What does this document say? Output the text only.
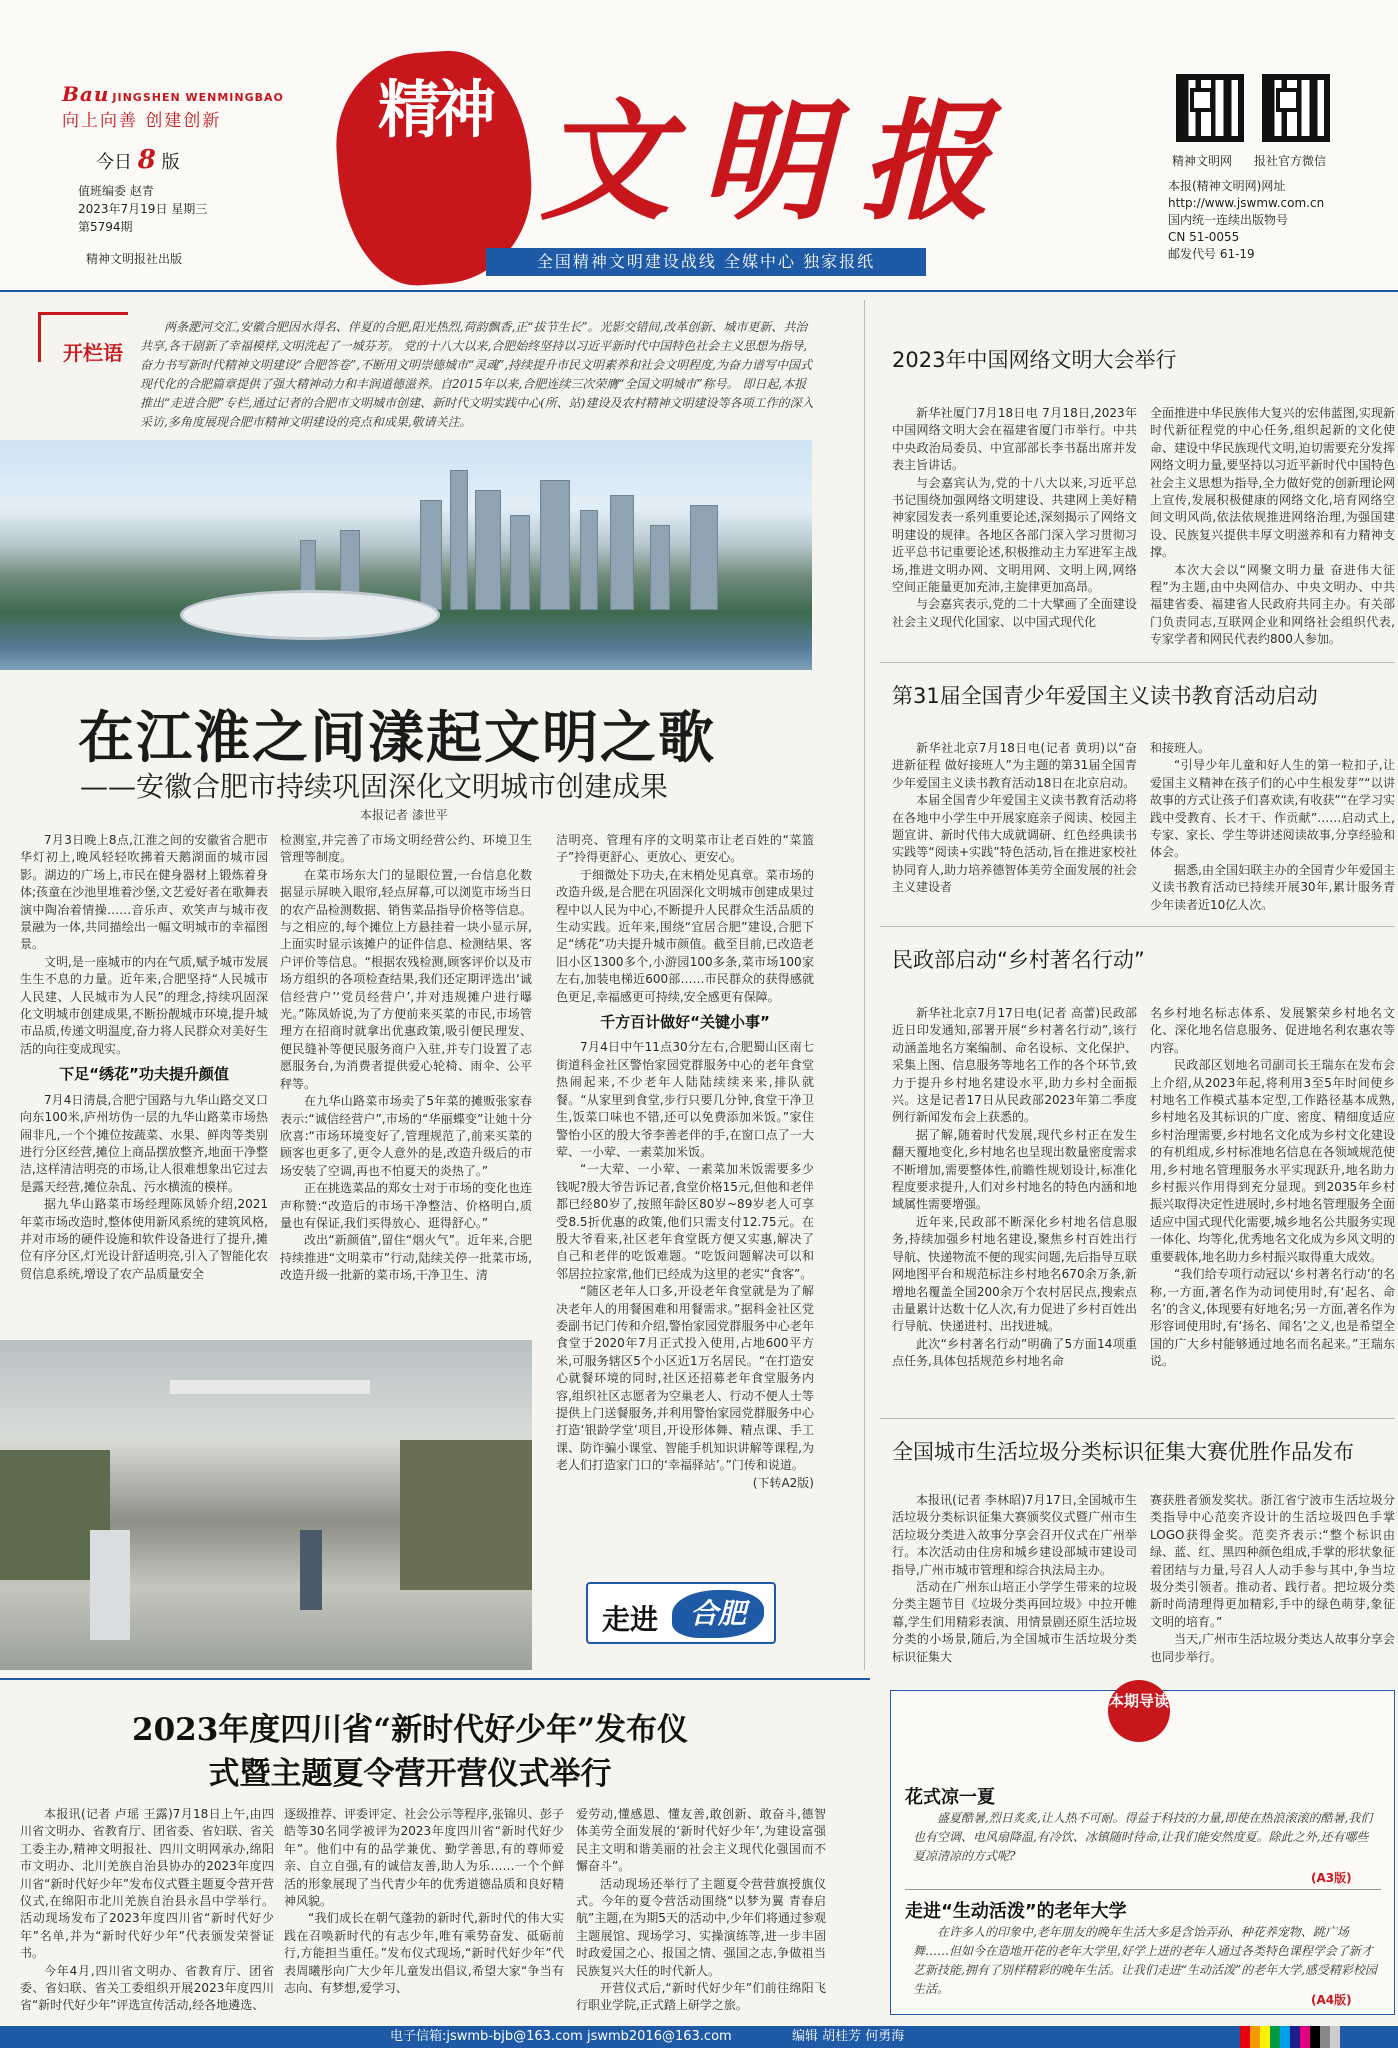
Bau JINGSHEN WENMINGBAO
向上向善 创建创新
今日 8 版
值班编委 赵青
2023年7月19日 星期三
第5794期
精神文明报社出版
精神 文明报
全国精神文明建设战线 全媒中心 独家报纸
精神文明网 报社官方微信
本报(精神文明网)网址
http://www.jswmw.com.cn
国内统一连续出版物号
CN 51-0055
邮发代号 61-19
开栏语
两条淝河交汇,安徽合肥因水得名、伴夏的合肥,阳光热烈,荷韵飘香,正“拔节生长”。光影交错间,改革创新、城市更新、共治共享,各干剧新了幸福模样,文明洗起了一城芬芳。 党的十八大以来,合肥始终坚持以习近平新时代中国特色社会主义思想为指导,奋力书写新时代精神文明建设“合肥答卷”,不断用文明崇德城市“灵魂”,持续提升市民文明素养和社会文明程度,为奋力谱写中国式现代化的合肥篇章提供了强大精神动力和丰润道德滋养。自2015年以来,合肥连续三次荣膺“全国文明城市”称号。 即日起,本报推出“走进合肥”专栏,通过记者的合肥市文明城市创建、新时代文明实践中心(所、站)建设及农村精神文明建设等各项工作的深入采访,多角度展现合肥市精神文明建设的亮点和成果,敬请关注。
在江淮之间漾起文明之歌
——安徽合肥市持续巩固深化文明城市创建成果
本报记者 漆世平

7月3日晚上8点,江淮之间的安徽省合肥市华灯初上,晚风轻轻吹拂着天鹅湖面的城市园影。湖边的广场上,市民在健身器材上锻炼着身体;孩童在沙池里堆着沙堡,文艺爱好者在歌舞表演中陶冶着情操……音乐声、欢笑声与城市夜景融为一体,共同描绘出一幅文明城市的幸福图景。

文明,是一座城市的内在气质,赋予城市发展生生不息的力量。近年来,合肥坚持“人民城市人民建、人民城市为人民”的理念,持续巩固深化文明城市创建成果,不断扮靓城市环境,提升城市品质,传递文明温度,奋力将人民群众对美好生活的向往变成现实。

下足“绣花”功夫提升颜值

7月4日清晨,合肥宁国路与九华山路交叉口向东100米,庐州坊伪一层的九华山路菜市场热闹非凡,一个个摊位按蔬菜、水果、鲜肉等类别进行分区经营,摊位上商品摆放整齐,地面干净整洁,这样清洁明亮的市场,让人很难想象出它过去是露天经营,摊位杂乱、污水横流的模样。

据九华山路菜市场经理陈凤娇介绍,2021年菜市场改造时,整体使用新风系统的建筑风格,并对市场的硬件设施和软件设备进行了提升,摊位有序分区,灯光设计舒适明亮,引入了智能化农贸信息系统,增设了农产品质量安全

检测室,并完善了市场文明经营公约、环境卫生管理等制度。

在菜市场东大门的显眼位置,一台信息化数据显示屏映入眼帘,轻点屏幕,可以浏览市场当日的农产品检测数据、销售菜品指导价格等信息。与之相应的,每个摊位上方悬挂着一块小显示屏,上面实时显示该摊户的证件信息、检测结果、客户评价等信息。“根据农残检测,顾客评价以及市场方组织的各项检查结果,我们还定期评选出‘诚信经营户’‘党员经营户’,并对违规摊户进行曝光。”陈凤娇说,为了方便前来买菜的市民,市场管理方在招商时就拿出优惠政策,吸引便民理发、便民缝补等便民服务商户入驻,并专门设置了志愿服务台,为消费者提供爱心轮椅、雨伞、公平秤等。

在九华山路菜市场卖了5年菜的摊贩张家春表示:“诚信经营户”,市场的“华丽蝶变”让她十分欣喜:“市场环境变好了,管理规范了,前来买菜的顾客也更多了,更令人意外的是,改造升级后的市场安装了空调,再也不怕夏天的炎热了。”

正在挑选菜品的郑女士对于市场的变化也连声称赞:“改造后的市场干净整洁、价格明白,质量也有保证,我们买得放心、逛得舒心。”

改出“新颜值”,留住“烟火气”。近年来,合肥持续推进“文明菜市”行动,陆续关停一批菜市场,改造升级一批新的菜市场,干净卫生、清

洁明亮、管理有序的文明菜市让老百姓的“菜篮子”拎得更舒心、更放心、更安心。

于细微处下功夫,在末梢处见真章。菜市场的改造升级,是合肥在巩固深化文明城市创建成果过程中以人民为中心,不断提升人民群众生活品质的生动实践。近年来,围绕“宜居合肥”建设,合肥下足“绣花”功夫提升城市颜值。截至目前,已改造老旧小区1300多个,小游园100多条,菜市场100家左右,加装电梯近600部……市民群众的获得感就色更足,幸福感更可持续,安全感更有保障。

千方百计做好“关键小事”

7月4日中午11点30分左右,合肥蜀山区南七街道科金社区警怡家园党群服务中心的老年食堂热闹起来,不少老年人陆陆续续来来,排队就餐。“从家里到食堂,步行只要几分钟,食堂干净卫生,饭菜口味也不错,还可以免费添加米饭。”家住警怡小区的殷大爷李善老伴的手,在窗口点了一大荤、一小荤、一素菜加米饭。

“一大荤、一小荤、一素菜加米饭需要多少钱呢?殷大爷告诉记者,食堂价格15元,但他和老伴都已经80岁了,按照年龄区80岁~89岁老人可享受8.5折优惠的政策,他们只需支付12.75元。在殷大爷看来,社区老年食堂既方便又实惠,解决了自己和老伴的吃饭难题。“吃饭问题解决可以和邻居拉拉家常,他们已经成为这里的老实“食客”。

“随区老年人口多,开设老年食堂就是为了解决老年人的用餐困难和用餐需求。”据科金社区党委副书记门传和介绍,警怡家园党群服务中心老年食堂于2020年7月正式投入使用,占地600平方米,可服务辖区5个小区近1万名居民。“在打造安心就餐环境的同时,社区还招募老年食堂服务内容,组织社区志愿者为空巢老人、行动不便人士等提供上门送餐服务,并利用警怡家园党群服务中心打造‘银龄学堂’项目,开设形体舞、精点课、手工课、防诈骗小课堂、智能手机知识讲解等课程,为老人们打造家门口的‘幸福驿站’。”门传和说道。

(下转A2版)
走进	合肥
2023年中国网络文明大会举行

新华社厦门7月18日电 7月18日,2023年中国网络文明大会在福建省厦门市举行。中共中央政治局委员、中宣部部长李书磊出席并发表主旨讲话。

与会嘉宾认为,党的十八大以来,习近平总书记围绕加强网络文明建设、共建网上美好精神家园发表一系列重要论述,深刻揭示了网络文明建设的规律。各地区各部门深入学习贯彻习近平总书记重要论述,积极推动主力军进军主战场,推进文明办网、文明用网、文明上网,网络空间正能量更加充沛,主旋律更加高昂。

与会嘉宾表示,党的二十大擘画了全面建设社会主义现代化国家、以中国式现代化

全面推进中华民族伟大复兴的宏伟蓝图,实现新时代新征程党的中心任务,组织起新的文化使命、建设中华民族现代文明,迫切需要充分发挥网络文明力量,要坚持以习近平新时代中国特色社会主义思想为指导,全力做好党的创新理论网上宣传,发展积极健康的网络文化,培育网络空间文明风尚,依法依规推进网络治理,为强国建设、民族复兴提供丰厚文明滋养和有力精神支撑。

本次大会以“网聚文明力量 奋进伟大征程”为主题,由中央网信办、中央文明办、中共福建省委、福建省人民政府共同主办。有关部门负责同志,互联网企业和网络社会组织代表,专家学者和网民代表约800人参加。

第31届全国青少年爱国主义读书教育活动启动

新华社北京7月18日电(记者 黄玥)以“奋进新征程 做好接班人”为主题的第31届全国青少年爱国主义读书教育活动18日在北京启动。

本届全国青少年爱国主义读书教育活动将在各地中小学生中开展家庭亲子阅读、校园主题宣讲、新时代伟大成就调研、红色经典读书实践等“阅读+实践”特色活动,旨在推进家校社协同育人,助力培养德智体美劳全面发展的社会主义建设者

和接班人。

“引导少年儿童和好人生的第一粒扣子,让爱国主义精神在孩子们的心中生根发芽”“以讲故事的方式让孩子们喜欢读,有收获”“在学习实践中受教育、长才干、作贡献”……启动式上,专家、家长、学生等讲述阅读故事,分享经验和体会。

据悉,由全国妇联主办的全国青少年爱国主义读书教育活动已持续开展30年,累计服务青少年读者近10亿人次。

民政部启动“乡村著名行动”

新华社北京7月17日电(记者 高蕾)民政部近日印发通知,部署开展“乡村著名行动”,该行动涵盖地名方案编制、命名设标、文化保护、采集上图、信息服务等地名工作的各个环节,致力于提升乡村地名建设水平,助力乡村全面振兴。这是记者17日从民政部2023年第二季度例行新闻发布会上获悉的。

据了解,随着时代发展,现代乡村正在发生翻天覆地变化,乡村地名也呈现出数量密度需求不断增加,需要整体性,前瞻性规划设计,标准化程度要求提升,人们对乡村地名的特色内涵和地域属性需要增强。

近年来,民政部不断深化乡村地名信息服务,持续加强乡村地名建设,聚焦乡村百姓出行导航、快递物流不便的现实问题,先后指导互联网地图平台和规范标注乡村地名670余万条,新增地名覆盖全国200余万个农村居民点,搜索点击量累计达数十亿人次,有力促进了乡村百姓出行导航、快递进村、出找进城。

此次“乡村著名行动”明确了5方面14项重点任务,具体包括规范乡村地名命

名乡村地名标志体系、发展繁荣乡村地名文化、深化地名信息服务、促进地名利农惠农等内容。

民政部区划地名司副司长王瑞东在发布会上介绍,从2023年起,将利用3至5年时间使乡村地名工作模式基本定型,工作路径基本成熟,乡村地名及其标识的广度、密度、精细度适应乡村治理需要,乡村地名文化成为乡村文化建设的有机组成,乡村标准地名信息在各领域规范使用,乡村地名管理服务水平实现跃升,地名助力乡村振兴作用得到充分显现。到2035年乡村振兴取得决定性进展时,乡村地名管理服务全面适应中国式现代化需要,城乡地名公共服务实现一体化、均等化,优秀地名文化成为乡风文明的重要载体,地名助力乡村振兴取得重大成效。

“我们给专项行动冠以‘乡村著名行动’的名称,一方面,著名作为动词使用时,有‘起名、命名’的含义,体现要有好地名;另一方面,著名作为形容词使用时,有‘扬名、闻名’之义,也是希望全国的广大乡村能够通过地名而名起来。”王瑞东说。

全国城市生活垃圾分类标识征集大赛优胜作品发布

本报讯(记者 李林昭)7月17日,全国城市生活垃圾分类标识征集大赛颁奖仪式暨广州市生活垃圾分类进入故事分享会召开仪式在广州举行。本次活动由住房和城乡建设部城市建设司指导,广州市城市管理和综合执法局主办。

活动在广州东山培正小学学生带来的垃圾分类主题节目《垃圾分类再回垃圾》中拉开帷幕,学生们用精彩表演、用情景剧还原生活垃圾分类的小场景,随后,为全国城市生活垃圾分类标识征集大

赛获胜者颁发奖状。浙江省宁波市生活垃圾分类指导中心范奕齐设计的生活垃圾四色手掌LOGO获得金奖。范奕齐表示:“整个标识由绿、蓝、红、黑四种颜色组成,手掌的形状象征着团结与力量,号召人人动手参与其中,争当垃圾分类引领者。推动者、践行者。把垃圾分类新时尚清理得更加精彩,手中的绿色萌芽,象征文明的培育。”

当天,广州市生活垃圾分类达人故事分享会也同步举行。

2023年度四川省“新时代好少年”发布仪式暨主题夏令营开营仪式举行

本报讯(记者 卢瑶 王露)7月18日上午,由四川省文明办、省教育厅、团省委、省妇联、省关工委主办,精神文明报社、四川文明网承办,绵阳市文明办、北川羌族自治县协办的2023年度四川省“新时代好少年”发布仪式暨主题夏令营开营仪式,在绵阳市北川羌族自治县永昌中学举行。活动现场发布了2023年度四川省“新时代好少年”名单,并为“新时代好少年”代表颁发荣誉证书。

今年4月,四川省文明办、省教育厅、团省委、省妇联、省关工委组织开展2023年度四川省“新时代好少年”评选宣传活动,经各地遴选、

逐级推荐、评委评定、社会公示等程序,张锦贝、彭子皓等30名同学被评为2023年度四川省“新时代好少年”。他们中有的品学兼优、勤学善思,有的尊师爱亲、自立自强,有的诚信友善,助人为乐……一个个鲜活的形象展现了当代青少年的优秀道德品质和良好精神风貌。

“我们成长在朝气蓬勃的新时代,新时代的伟大实践在召唤新时代的有志少年,唯有乘势奋发、砥砺前行,方能担当重任。”发布仪式现场,“新时代好少年”代表周曦彤向广大少年儿童发出倡议,希望大家“争当有志向、有梦想,爱学习、

爱劳动,懂感恩、懂友善,敢创新、敢奋斗,德智体美劳全面发展的‘新时代好少年’,为建设富强民主文明和谐美丽的社会主义现代化强国而不懈奋斗”。

活动现场还举行了主题夏令营营旗授旗仪式。今年的夏令营活动围绕“以梦为翼 青春启航”主题,在为期5天的活动中,少年们将通过参观主题展馆、现场学习、实操演练等,进一步丰固时政爱国之心、报国之情、强国之志,争做祖当民族复兴大任的时代新人。

开营仪式后,“新时代好少年”们前往绵阳飞行职业学院,正式踏上研学之旅。

花式凉一夏
盛夏酷暑,烈日炙炙,让人热不可耐。得益于科技的力量,即使在热浪滚滚的酷暑,我们也有空调、电风扇降温,有冷饮、冰镇随时待命,让我们能安然度夏。除此之外,还有哪些夏凉清凉的方式呢?
(A3版)
走进“生动活泼”的老年大学
在许多人的印象中,老年朋友的晚年生活大多是含饴弄孙、种花养宠物、跳广场舞……但如今在造地开花的老年大学里,好学上进的老年人通过各类特色课程学会了新才艺新技能,拥有了别样精彩的晚年生活。让我们走进“生动活泼”的老年大学,感受精彩校园生活。
(A4版)
本期导读
电子信箱:jswmb-bjb@163.com jswmb2016@163.com	编辑 胡桂芳 何勇海
